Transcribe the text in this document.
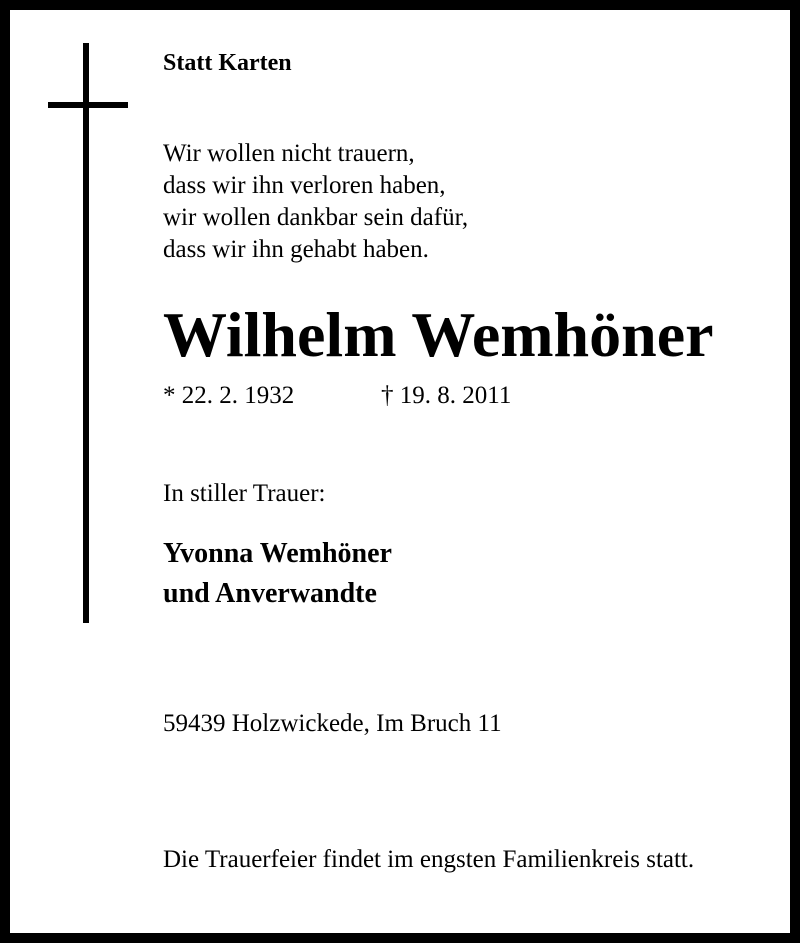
Statt Karten
Wir wollen nicht trauern,
dass wir ihn verloren haben,
wir wollen dankbar sein dafür,
dass wir ihn gehabt haben.
Wilhelm Wemhöner
* 22. 2. 1932	† 19. 8. 2011
In stiller Trauer:
Yvonna Wemhöner
und Anverwandte
59439 Holzwickede, Im Bruch 11
Die Trauerfeier findet im engsten Familienkreis statt.
